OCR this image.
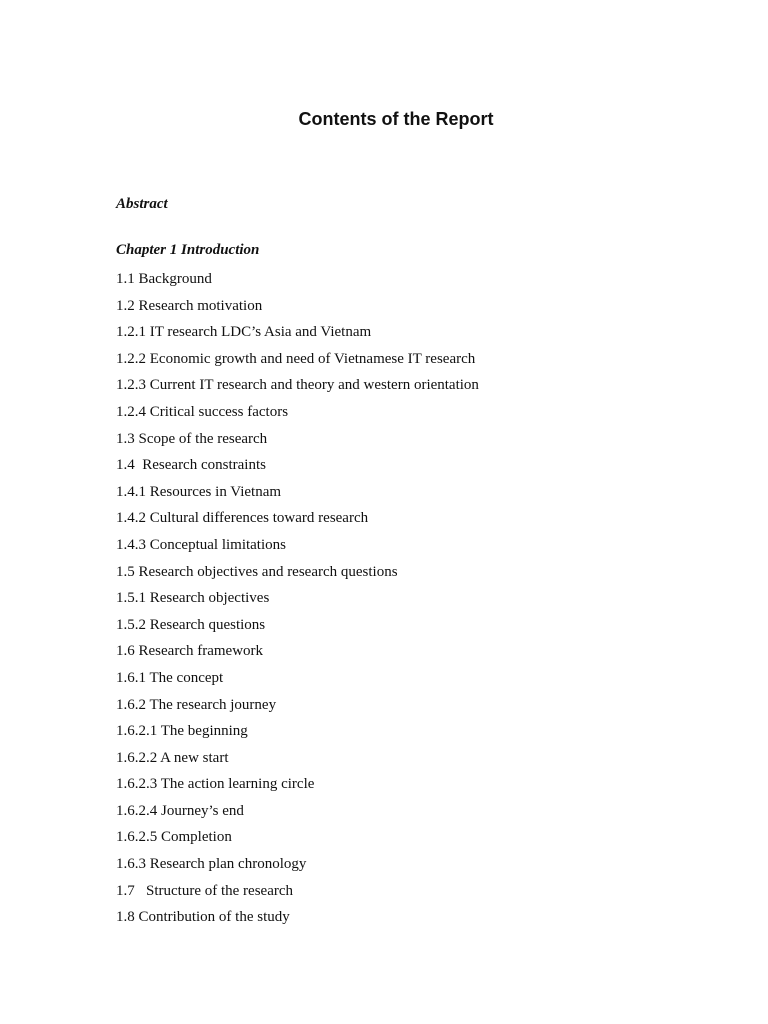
Contents of the Report
Abstract
Chapter 1 Introduction
1.1 Background
1.2 Research motivation
1.2.1 IT research LDC’s Asia and Vietnam
1.2.2 Economic growth and need of Vietnamese IT research
1.2.3 Current IT research and theory and western orientation
1.2.4 Critical success factors
1.3 Scope of the research
1.4  Research constraints
1.4.1 Resources in Vietnam
1.4.2 Cultural differences toward research
1.4.3 Conceptual limitations
1.5 Research objectives and research questions
1.5.1 Research objectives
1.5.2 Research questions
1.6 Research framework
1.6.1 The concept
1.6.2 The research journey
1.6.2.1 The beginning
1.6.2.2 A new start
1.6.2.3 The action learning circle
1.6.2.4 Journey’s end
1.6.2.5 Completion
1.6.3 Research plan chronology
1.7   Structure of the research
1.8 Contribution of the study
